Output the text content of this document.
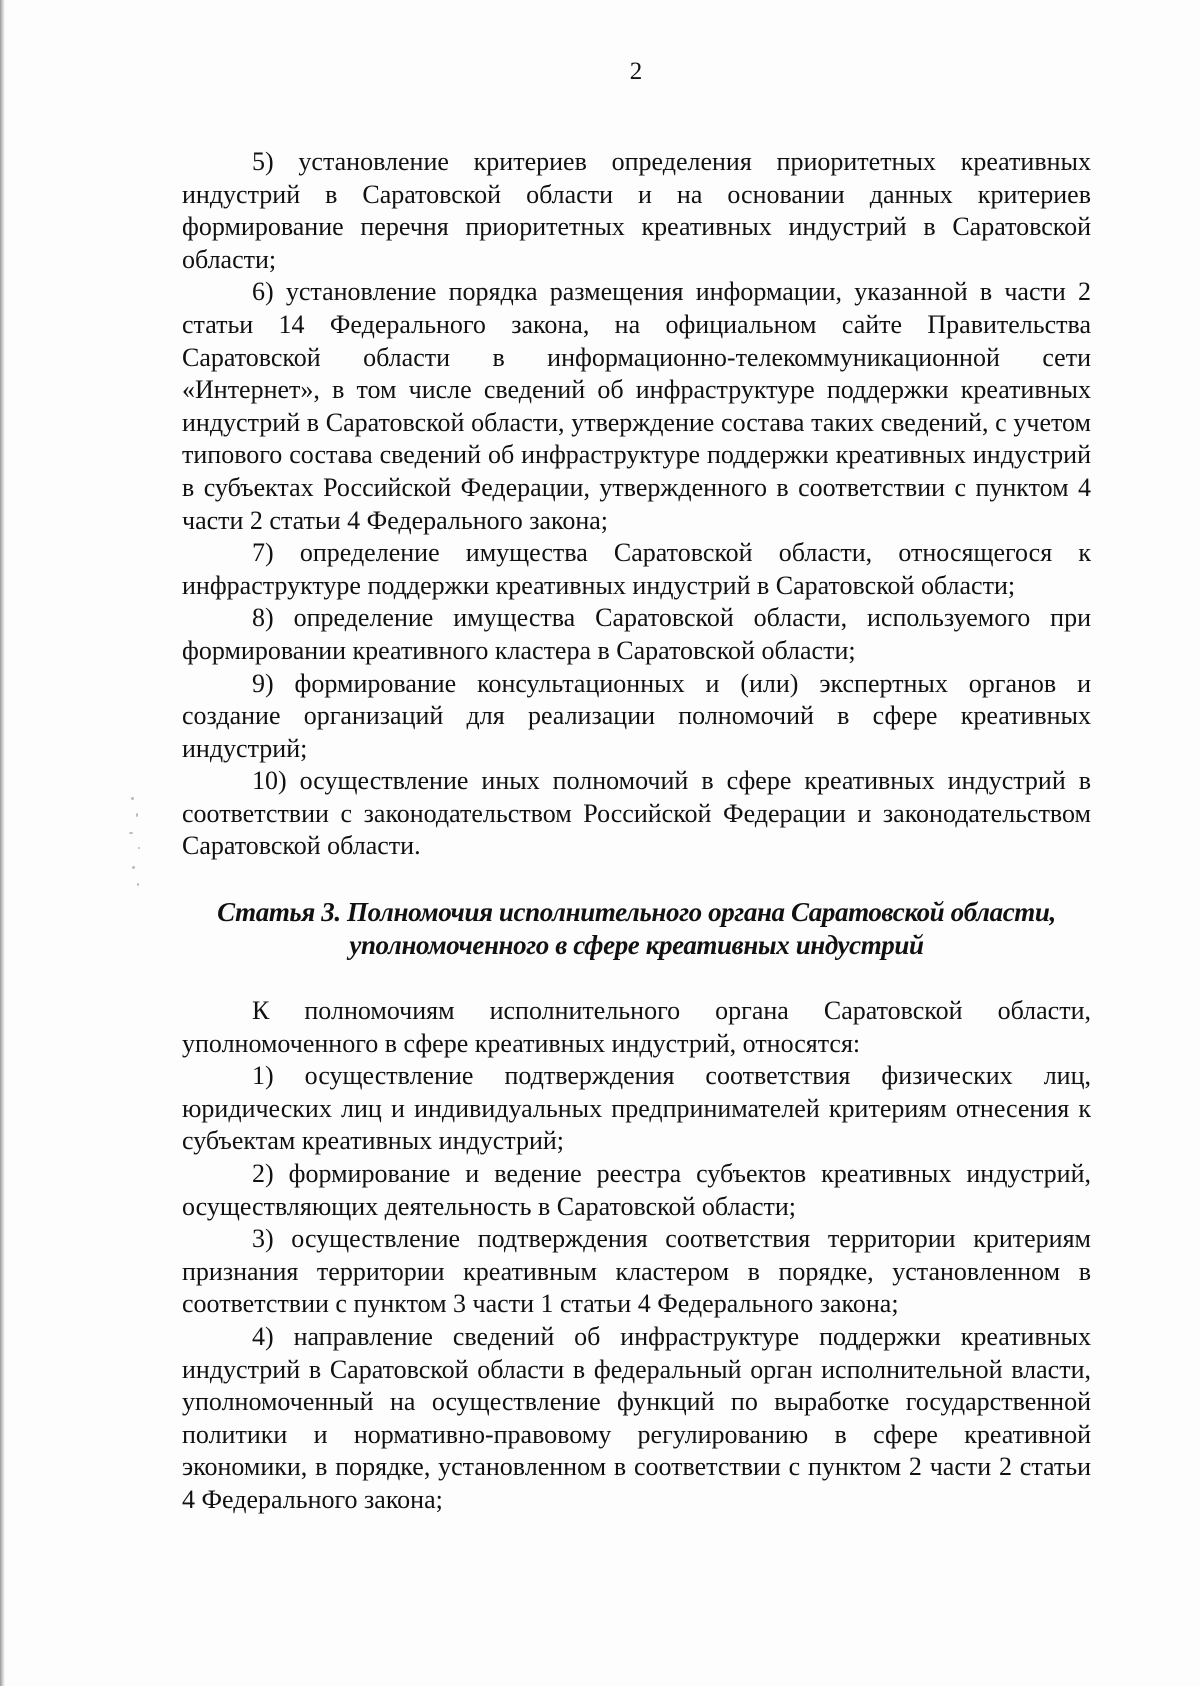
2

5) установление критериев определения приоритетных креативных индустрий в Саратовской области и на основании данных критериев формирование перечня приоритетных креативных индустрий в Саратовской области;

6) установление порядка размещения информации, указанной в части 2 статьи 14 Федерального закона, на официальном сайте Правительства Саратовской области в информационно-телекоммуникационной сети «Интернет», в том числе сведений об инфраструктуре поддержки креативных индустрий в Саратовской области, утверждение состава таких сведений, с учетом типового состава сведений об инфраструктуре поддержки креативных индустрий в субъектах Российской Федерации, утвержденного в соответствии с пунктом 4 части 2 статьи 4 Федерального закона;

7) определение имущества Саратовской области, относящегося к инфраструктуре поддержки креативных индустрий в Саратовской области;

8) определение имущества Саратовской области, используемого при формировании креативного кластера в Саратовской области;

9) формирование консультационных и (или) экспертных органов и создание организаций для реализации полномочий в сфере креативных индустрий;

10) осуществление иных полномочий в сфере креативных индустрий в соответствии с законодательством Российской Федерации и законодательством Саратовской области.

Статья 3. Полномочия исполнительного органа Саратовской области,
уполномоченного в сфере креативных индустрий

К полномочиям исполнительного органа Саратовской области, уполномоченного в сфере креативных индустрий, относятся:

1) осуществление подтверждения соответствия физических лиц, юридических лиц и индивидуальных предпринимателей критериям отнесения к субъектам креативных индустрий;

2) формирование и ведение реестра субъектов креативных индустрий, осуществляющих деятельность в Саратовской области;

3) осуществление подтверждения соответствия территории критериям признания территории креативным кластером в порядке, установленном в соответствии с пунктом 3 части 1 статьи 4 Федерального закона;

4) направление сведений об инфраструктуре поддержки креативных индустрий в Саратовской области в федеральный орган исполнительной власти, уполномоченный на осуществление функций по выработке государственной политики и нормативно-правовому регулированию в сфере креативной экономики, в порядке, установленном в соответствии с пунктом 2 части 2 статьи 4 Федерального закона;
